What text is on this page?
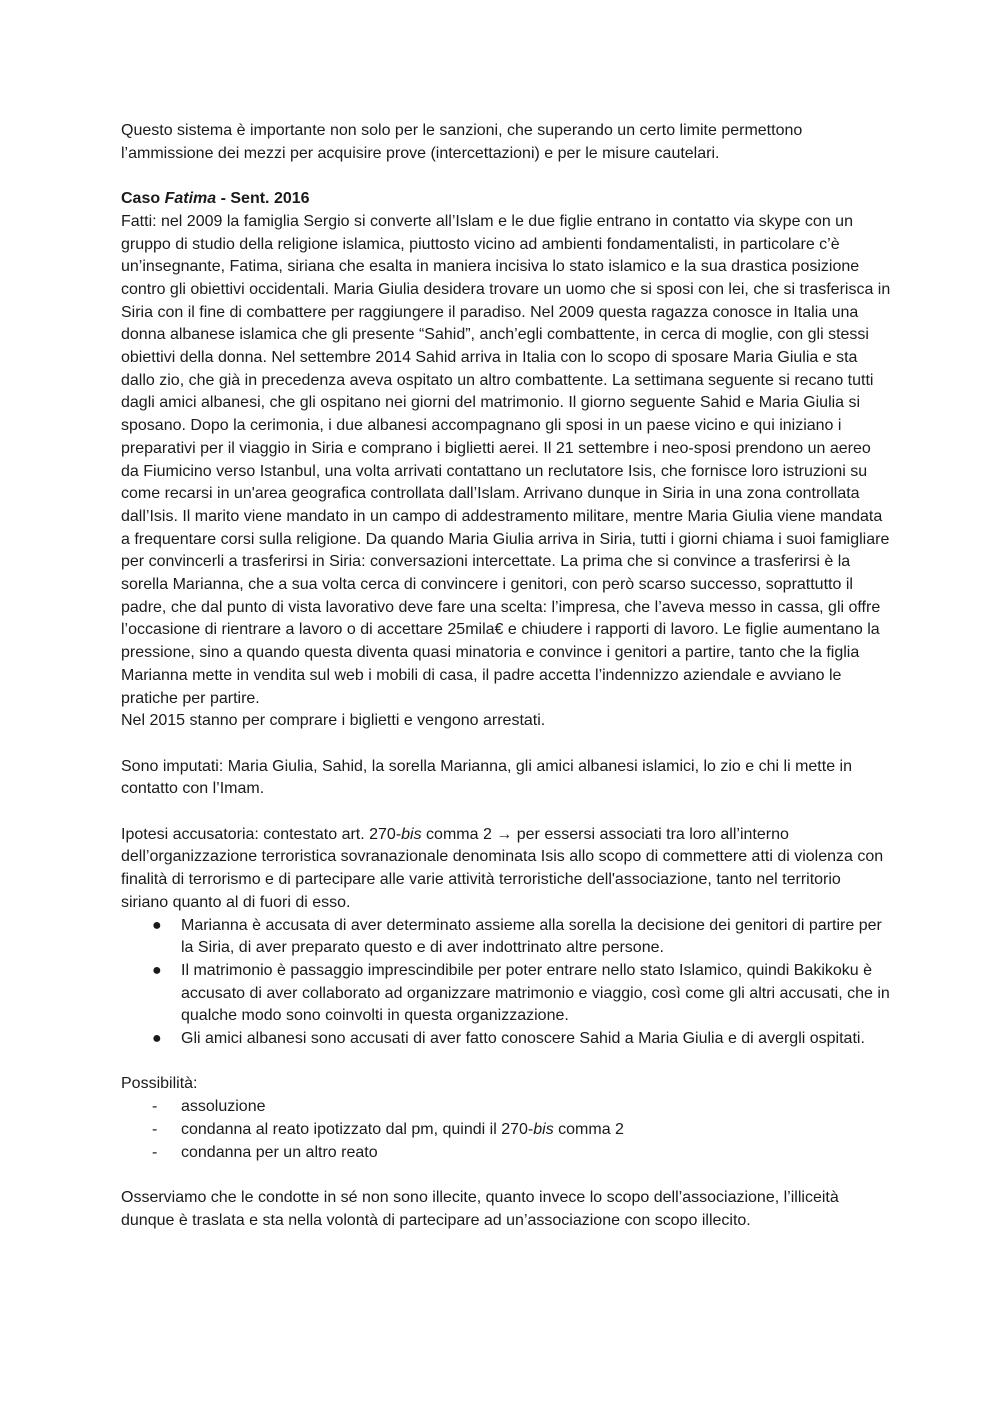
Questo sistema è importante non solo per le sanzioni, che superando un certo limite permettono l’ammissione dei mezzi per acquisire prove (intercettazioni) e per le misure cautelari.

Caso Fatima - Sent. 2016

Fatti: nel 2009 la famiglia Sergio si converte all’Islam e le due figlie entrano in contatto via skype con un gruppo di studio della religione islamica, piuttosto vicino ad ambienti fondamentalisti, in particolare c’è un’insegnante, Fatima, siriana che esalta in maniera incisiva lo stato islamico e la sua drastica posizione contro gli obiettivi occidentali. Maria Giulia desidera trovare un uomo che si sposi con lei, che si trasferisca in Siria con il fine di combattere per raggiungere il paradiso. Nel 2009 questa ragazza conosce in Italia una donna albanese islamica che gli presente “Sahid”, anch’egli combattente, in cerca di moglie, con gli stessi obiettivi della donna. Nel settembre 2014 Sahid arriva in Italia con lo scopo di sposare Maria Giulia e sta dallo zio, che già in precedenza aveva ospitato un altro combattente. La settimana seguente si recano tutti dagli amici albanesi, che gli ospitano nei giorni del matrimonio. Il giorno seguente Sahid e Maria Giulia si sposano. Dopo la cerimonia, i due albanesi accompagnano gli sposi in un paese vicino e qui iniziano i preparativi per il viaggio in Siria e comprano i biglietti aerei. Il 21 settembre i neo-sposi prendono un aereo da Fiumicino verso Istanbul, una volta arrivati contattano un reclutatore Isis, che fornisce loro istruzioni su come recarsi in un'area geografica controllata dall’Islam. Arrivano dunque in Siria in una zona controllata dall’Isis. Il marito viene mandato in un campo di addestramento militare, mentre Maria Giulia viene mandata a frequentare corsi sulla religione. Da quando Maria Giulia arriva in Siria, tutti i giorni chiama i suoi famigliare per convincerli a trasferirsi in Siria: conversazioni intercettate. La prima che si convince a trasferirsi è la sorella Marianna, che a sua volta cerca di convincere i genitori, con però scarso successo, soprattutto il padre, che dal punto di vista lavorativo deve fare una scelta: l’impresa, che l’aveva messo in cassa, gli offre l’occasione di rientrare a lavoro o di accettare 25mila€ e chiudere i rapporti di lavoro. Le figlie aumentano la pressione, sino a quando questa diventa quasi minatoria e convince i genitori a partire, tanto che la figlia Marianna mette in vendita sul web i mobili di casa, il padre accetta l’indennizzo aziendale e avviano le pratiche per partire.

Nel 2015 stanno per comprare i biglietti e vengono arrestati.

Sono imputati: Maria Giulia, Sahid, la sorella Marianna, gli amici albanesi islamici, lo zio e chi li mette in contatto con l’Imam.

Ipotesi accusatoria: contestato art. 270-bis comma 2 → per essersi associati tra loro all’interno dell’organizzazione terroristica sovranazionale denominata Isis allo scopo di commettere atti di violenza con finalità di terrorismo e di partecipare alle varie attività terroristiche dell'associazione, tanto nel territorio siriano quanto al di fuori di esso.

● Marianna è accusata di aver determinato assieme alla sorella la decisione dei genitori di partire per la Siria, di aver preparato questo e di aver indottrinato altre persone.
● Il matrimonio è passaggio imprescindibile per poter entrare nello stato Islamico, quindi Bakikoku è accusato di aver collaborato ad organizzare matrimonio e viaggio, così come gli altri accusati, che in qualche modo sono coinvolti in questa organizzazione.
● Gli amici albanesi sono accusati di aver fatto conoscere Sahid a Maria Giulia e di avergli ospitati.

Possibilità:

- assoluzione
- condanna al reato ipotizzato dal pm, quindi il 270-bis comma 2
- condanna per un altro reato

Osserviamo che le condotte in sé non sono illecite, quanto invece lo scopo dell’associazione, l’illiceità dunque è traslata e sta nella volontà di partecipare ad un’associazione con scopo illecito.
